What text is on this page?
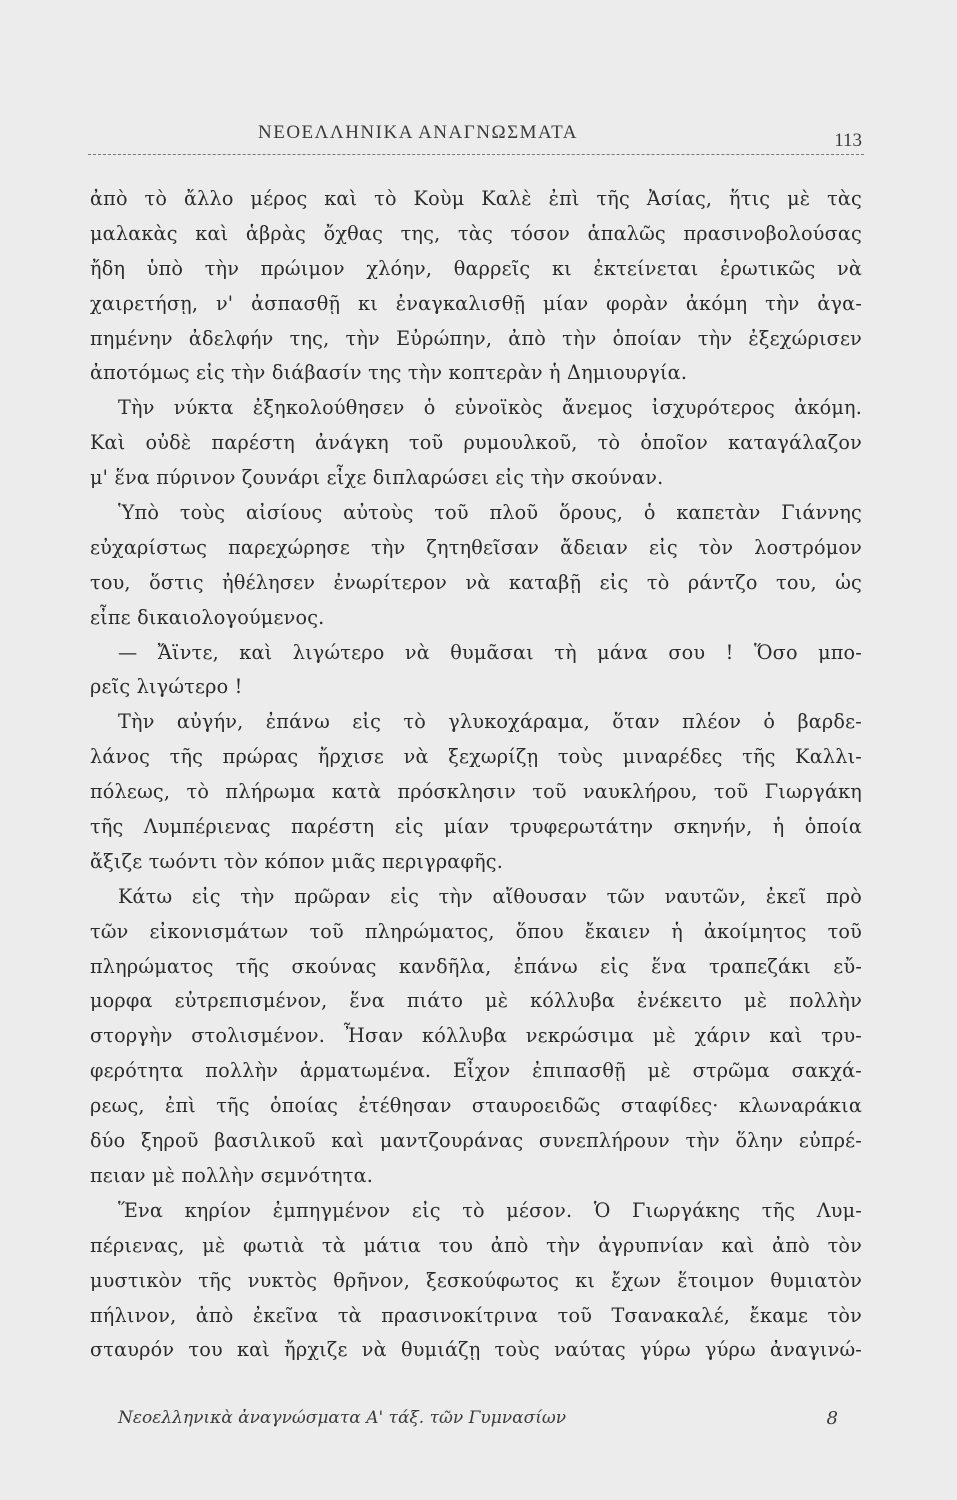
ΝΕΟΕΛΛΗΝΙΚΑ ΑΝΑΓΝΩΣΜΑΤΑ	113
ἀπὸ τὸ ἄλλο μέρος καὶ τὸ Κοὺμ Καλὲ ἐπὶ τῆς Ἀσίας, ἥτις μὲ τὰς
μαλακὰς καὶ ἁβρὰς ὄχθας της, τὰς τόσον ἁπαλῶς πρασινοβολούσας
ἤδη ὑπὸ τὴν πρώιμον χλόην, θαρρεῖς κι ἐκτείνεται ἐρωτικῶς νὰ
χαιρετήσῃ, ν' ἀσπασθῇ κι ἐναγκαλισθῇ μίαν φορὰν ἀκόμη τὴν ἀγα-
πημένην ἀδελφήν της, τὴν Εὐρώπην, ἀπὸ τὴν ὁποίαν τὴν ἐξεχώρισεν
ἀποτόμως εἰς τὴν διάβασίν της τὴν κοπτερὰν ἡ Δημιουργία.
Τὴν νύκτα ἐξηκολούθησεν ὁ εὐνοϊκὸς ἄνεμος ἰσχυρότερος ἀκόμη.
Καὶ οὐδὲ παρέστη ἀνάγκη τοῦ ρυμουλκοῦ, τὸ ὁποῖον καταγάλαζον
μ' ἕνα πύρινον ζουνάρι εἶχε διπλαρώσει εἰς τὴν σκούναν.
Ὑπὸ τοὺς αἰσίους αὐτοὺς τοῦ πλοῦ ὅρους, ὁ καπετὰν Γιάννης
εὐχαρίστως παρεχώρησε τὴν ζητηθεῖσαν ἄδειαν εἰς τὸν λοστρόμον
του, ὅστις ἠθέλησεν ἐνωρίτερον νὰ καταβῇ εἰς τὸ ράντζο του, ὡς
εἶπε δικαιολογούμενος.
— Ἄϊντε, καὶ λιγώτερο νὰ θυμᾶσαι τὴ μάνα σου ! Ὅσο μπο-
ρεῖς λιγώτερο !
Τὴν αὐγήν, ἐπάνω εἰς τὸ γλυκοχάραμα, ὅταν πλέον ὁ βαρδε-
λάνος τῆς πρώρας ἤρχισε νὰ ξεχωρίζῃ τοὺς μιναρέδες τῆς Καλλι-
πόλεως, τὸ πλήρωμα κατὰ πρόσκλησιν τοῦ ναυκλήρου, τοῦ Γιωργάκη
τῆς Λυμπέριενας παρέστη εἰς μίαν τρυφερωτάτην σκηνήν, ἡ ὁποία
ἄξιζε τωόντι τὸν κόπον μιᾶς περιγραφῆς.
Κάτω εἰς τὴν πρῶραν εἰς τὴν αἴθουσαν τῶν ναυτῶν, ἐκεῖ πρὸ
τῶν εἰκονισμάτων τοῦ πληρώματος, ὅπου ἔκαιεν ἡ ἀκοίμητος τοῦ
πληρώματος τῆς σκούνας κανδῆλα, ἐπάνω εἰς ἕνα τραπεζάκι εὔ-
μορφα εὐτρεπισμένον, ἕνα πιάτο μὲ κόλλυβα ἐνέκειτο μὲ πολλὴν
στοργὴν στολισμένον. Ἦσαν κόλλυβα νεκρώσιμα μὲ χάριν καὶ τρυ-
φερότητα πολλὴν ἁρματωμένα. Εἶχον ἐπιπασθῇ μὲ στρῶμα σακχά-
ρεως, ἐπὶ τῆς ὁποίας ἐτέθησαν σταυροειδῶς σταφίδες· κλωναράκια
δύο ξηροῦ βασιλικοῦ καὶ μαντζουράνας συνεπλήρουν τὴν ὅλην εὐπρέ-
πειαν μὲ πολλὴν σεμνότητα.
Ἕνα κηρίον ἐμπηγμένον εἰς τὸ μέσον. Ὁ Γιωργάκης τῆς Λυμ-
πέριενας, μὲ φωτιὰ τὰ μάτια του ἀπὸ τὴν ἀγρυπνίαν καὶ ἀπὸ τὸν
μυστικὸν τῆς νυκτὸς θρῆνον, ξεσκούφωτος κι ἔχων ἕτοιμον θυμιατὸν
πήλινον, ἀπὸ ἐκεῖνα τὰ πρασινοκίτρινα τοῦ Τσανακαλέ, ἔκαμε τὸν
σταυρόν του καὶ ἤρχιζε νὰ θυμιάζῃ τοὺς ναύτας γύρω γύρω ἀναγινώ-
Νεοελληνικὰ ἀναγνώσματα Α' τάξ. τῶν Γυμνασίων	8
